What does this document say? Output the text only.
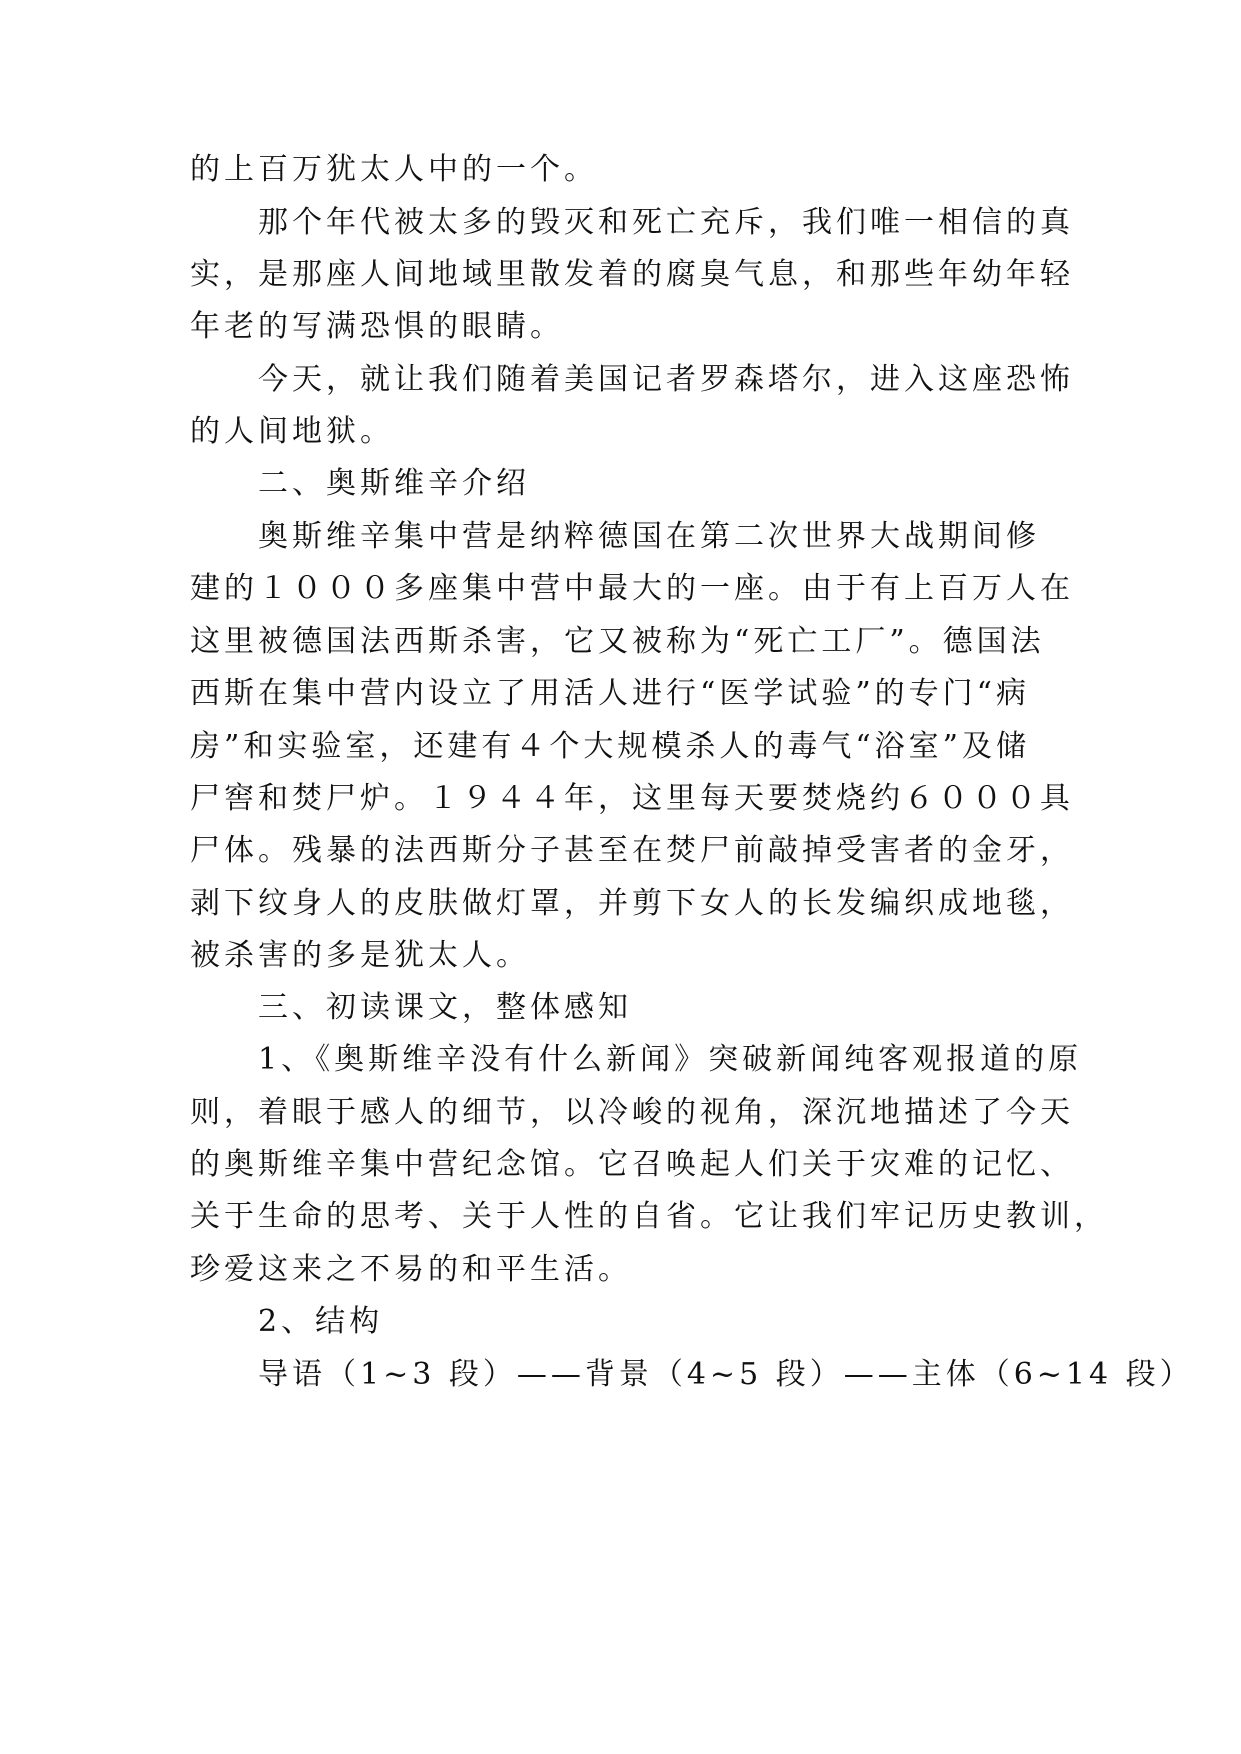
的上百万犹太人中的一个。
那个年代被太多的毁灭和死亡充斥，我们唯一相信的真
实，是那座人间地域里散发着的腐臭气息，和那些年幼年轻
年老的写满恐惧的眼睛。
今天，就让我们随着美国记者罗森塔尔，进入这座恐怖
的人间地狱。
二、奥斯维辛介绍
奥斯维辛集中营是纳粹德国在第二次世界大战期间修
建的１０００多座集中营中最大的一座。由于有上百万人在
这里被德国法西斯杀害，它又被称为“死亡工厂”。德国法
西斯在集中营内设立了用活人进行“医学试验”的专门“病
房”和实验室，还建有４个大规模杀人的毒气“浴室”及储
尸窖和焚尸炉。１９４４年，这里每天要焚烧约６０００具
尸体。残暴的法西斯分子甚至在焚尸前敲掉受害者的金牙，
剥下纹身人的皮肤做灯罩，并剪下女人的长发编织成地毯，
被杀害的多是犹太人。
三、初读课文，整体感知
1、《奥斯维辛没有什么新闻》突破新闻纯客观报道的原
则，着眼于感人的细节，以冷峻的视角，深沉地描述了今天
的奥斯维辛集中营纪念馆。它召唤起人们关于灾难的记忆、
关于生命的思考、关于人性的自省。它让我们牢记历史教训，
珍爱这来之不易的和平生活。
2、结构
导语（1~3 段）——背景（4~5 段）——主体（6~14 段）
